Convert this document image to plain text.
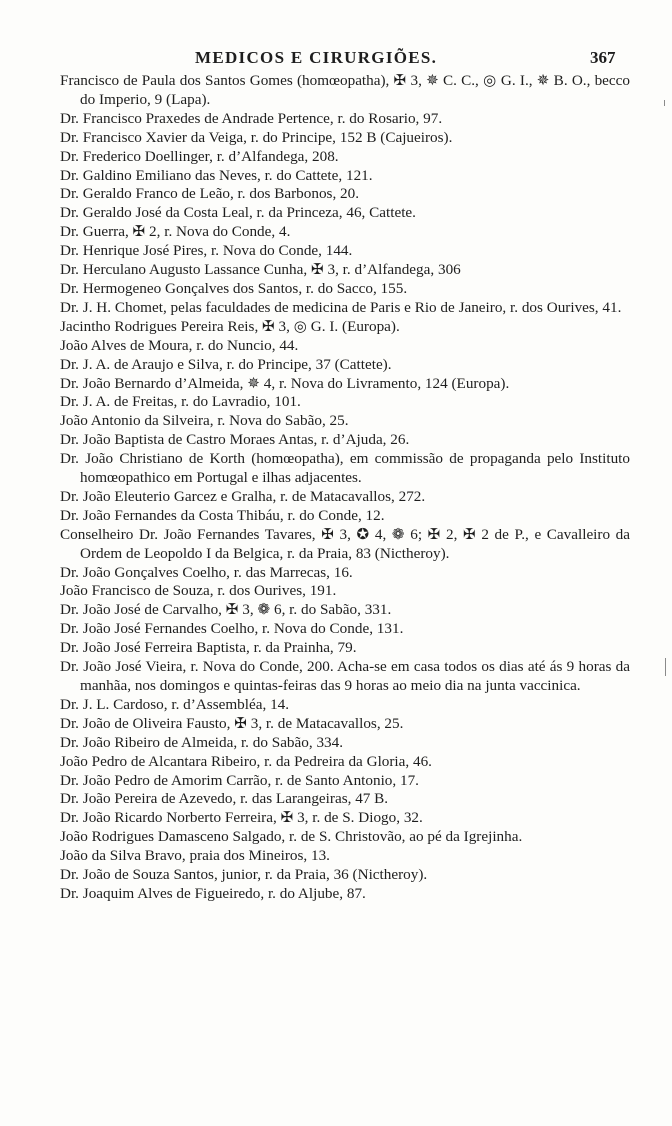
MEDICOS E CIRURGIÕES.	367
Francisco de Paula dos Santos Gomes (homœopatha), ✠ 3, ✵ C. C., ◎ G. I., ✵ B. O., becco do Imperio, 9 (Lapa).
Dr. Francisco Praxedes de Andrade Pertence, r. do Rosario, 97.
Dr. Francisco Xavier da Veiga, r. do Principe, 152 B (Cajueiros).
Dr. Frederico Doellinger, r. d’Alfandega, 208.
Dr. Galdino Emiliano das Neves, r. do Cattete, 121.
Dr. Geraldo Franco de Leão, r. dos Barbonos, 20.
Dr. Geraldo José da Costa Leal, r. da Princeza, 46, Cattete.
Dr. Guerra, ✠ 2, r. Nova do Conde, 4.
Dr. Henrique José Pires, r. Nova do Conde, 144.
Dr. Herculano Augusto Lassance Cunha, ✠ 3, r. d’Alfandega, 306
Dr. Hermogeneo Gonçalves dos Santos, r. do Sacco, 155.
Dr. J. H. Chomet, pelas faculdades de medicina de Paris e Rio de Janeiro, r. dos Ourives, 41.
Jacintho Rodrigues Pereira Reis, ✠ 3, ◎ G. I. (Europa).
João Alves de Moura, r. do Nuncio, 44.
Dr. J. A. de Araujo e Silva, r. do Principe, 37 (Cattete).
Dr. João Bernardo d’Almeida, ✵ 4, r. Nova do Livramento, 124 (Europa).
Dr. J. A. de Freitas, r. do Lavradio, 101.
João Antonio da Silveira, r. Nova do Sabão, 25.
Dr. João Baptista de Castro Moraes Antas, r. d’Ajuda, 26.
Dr. João Christiano de Korth (homœopatha), em commissão de propaganda pelo Instituto homœopathico em Portugal e ilhas adjacentes.
Dr. João Eleuterio Garcez e Gralha, r. de Matacavallos, 272.
Dr. João Fernandes da Costa Thibáu, r. do Conde, 12.
Conselheiro Dr. João Fernandes Tavares, ✠ 3, ✪ 4, ❁ 6; ✠ 2, ✠ 2 de P., e Cavalleiro da Ordem de Leopoldo I da Belgica, r. da Praia, 83 (Nictheroy).
Dr. João Gonçalves Coelho, r. das Marrecas, 16.
João Francisco de Souza, r. dos Ourives, 191.
Dr. João José de Carvalho, ✠ 3, ❁ 6, r. do Sabão, 331.
Dr. João José Fernandes Coelho, r. Nova do Conde, 131.
Dr. João José Ferreira Baptista, r. da Prainha, 79.
Dr. João José Vieira, r. Nova do Conde, 200. Acha-se em casa todos os dias até ás 9 horas da manhãa, nos domingos e quintas-feiras das 9 horas ao meio dia na junta vaccinica.
Dr. J. L. Cardoso, r. d’Assembléa, 14.
Dr. João de Oliveira Fausto, ✠ 3, r. de Matacavallos, 25.
Dr. João Ribeiro de Almeida, r. do Sabão, 334.
João Pedro de Alcantara Ribeiro, r. da Pedreira da Gloria, 46.
Dr. João Pedro de Amorim Carrão, r. de Santo Antonio, 17.
Dr. João Pereira de Azevedo, r. das Larangeiras, 47 B.
Dr. João Ricardo Norberto Ferreira, ✠ 3, r. de S. Diogo, 32.
João Rodrigues Damasceno Salgado, r. de S. Christovão, ao pé da Igrejinha.
João da Silva Bravo, praia dos Mineiros, 13.
Dr. João de Souza Santos, junior, r. da Praia, 36 (Nictheroy).
Dr. Joaquim Alves de Figueiredo, r. do Aljube, 87.
